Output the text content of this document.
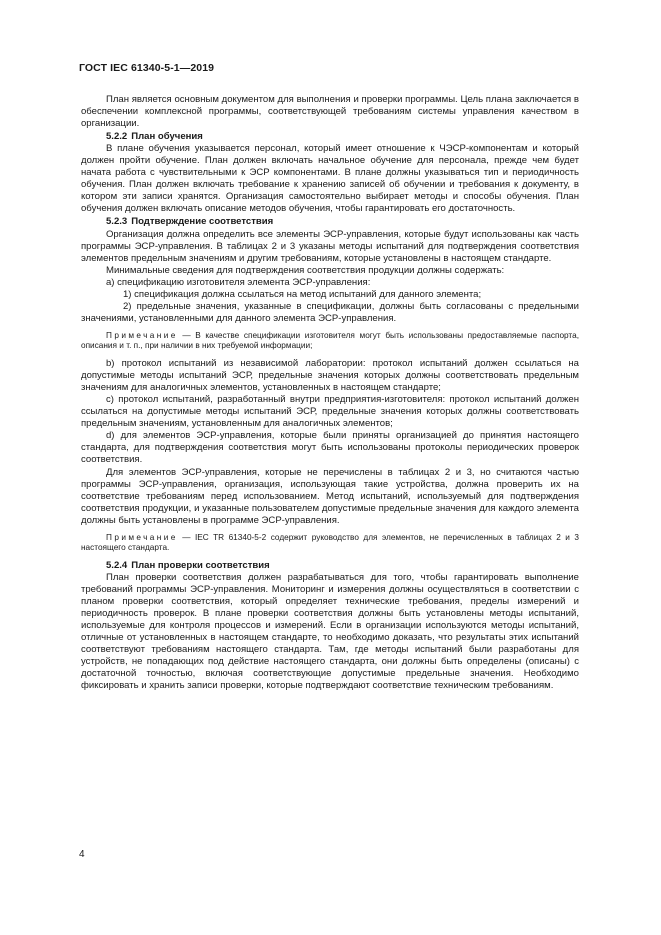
ГОСТ IEC 61340-5-1—2019

План является основным документом для выполнения и проверки программы. Цель плана заключается в обеспечении комплексной программы, соответствующей требованиям системы управления качеством в организации.

5.2.2 План обучения

В плане обучения указывается персонал, который имеет отношение к ЧЭСР-компонентам и который должен пройти обучение. План должен включать начальное обучение для персонала, прежде чем будет начата работа с чувствительными к ЭСР компонентами. В плане должны указываться тип и периодичность обучения. План должен включать требование к хранению записей об обучении и требования к документу, в котором эти записи хранятся. Организация самостоятельно выбирает методы и способы обучения. План обучения должен включать описание методов обучения, чтобы гарантировать его достаточность.

5.2.3 Подтверждение соответствия

Организация должна определить все элементы ЭСР-управления, которые будут использованы как часть программы ЭСР-управления. В таблицах 2 и 3 указаны методы испытаний для подтверждения соответствия элементов предельным значениям и другим требованиям, которые установлены в настоящем стандарте.

Минимальные сведения для подтверждения соответствия продукции должны содержать:

а) спецификацию изготовителя элемента ЭСР-управления:

1) спецификация должна ссылаться на метод испытаний для данного элемента;

2) предельные значения, указанные в спецификации, должны быть согласованы с предельными значениями, установленными для данного элемента ЭСР-управления.

Примечание — В качестве спецификации изготовителя могут быть использованы предоставляемые паспорта, описания и т. п., при наличии в них требуемой информации;

b) протокол испытаний из независимой лаборатории: протокол испытаний должен ссылаться на допустимые методы испытаний ЭСР, предельные значения которых должны соответствовать предельным значениям для аналогичных элементов, установленных в настоящем стандарте;

c) протокол испытаний, разработанный внутри предприятия-изготовителя: протокол испытаний должен ссылаться на допустимые методы испытаний ЭСР, предельные значения которых должны соответствовать предельным значениям, установленным для аналогичных элементов;

d) для элементов ЭСР-управления, которые были приняты организацией до принятия настоящего стандарта, для подтверждения соответствия могут быть использованы протоколы периодических проверок соответствия.

Для элементов ЭСР-управления, которые не перечислены в таблицах 2 и 3, но считаются частью программы ЭСР-управления, организация, использующая такие устройства, должна проверить их на соответствие требованиям перед использованием. Метод испытаний, используемый для подтверждения соответствия продукции, и указанные пользователем допустимые предельные значения для каждого элемента должны быть установлены в программе ЭСР-управления.

Примечание — IEC TR 61340-5-2 содержит руководство для элементов, не перечисленных в таблицах 2 и 3 настоящего стандарта.

5.2.4 План проверки соответствия

План проверки соответствия должен разрабатываться для того, чтобы гарантировать выполнение требований программы ЭСР-управления. Мониторинг и измерения должны осуществляться в соответствии с планом проверки соответствия, который определяет технические требования, пределы измерений и периодичность проверок. В плане проверки соответствия должны быть установлены методы испытаний, используемые для контроля процессов и измерений. Если в организации используются методы испытаний, отличные от установленных в настоящем стандарте, то необходимо доказать, что результаты этих испытаний соответствуют требованиям настоящего стандарта. Там, где методы испытаний были разработаны для устройств, не попадающих под действие настоящего стандарта, они должны быть определены (описаны) с достаточной точностью, включая соответствующие допустимые предельные значения. Необходимо фиксировать и хранить записи проверки, которые подтверждают соответствие техническим требованиям.

4
